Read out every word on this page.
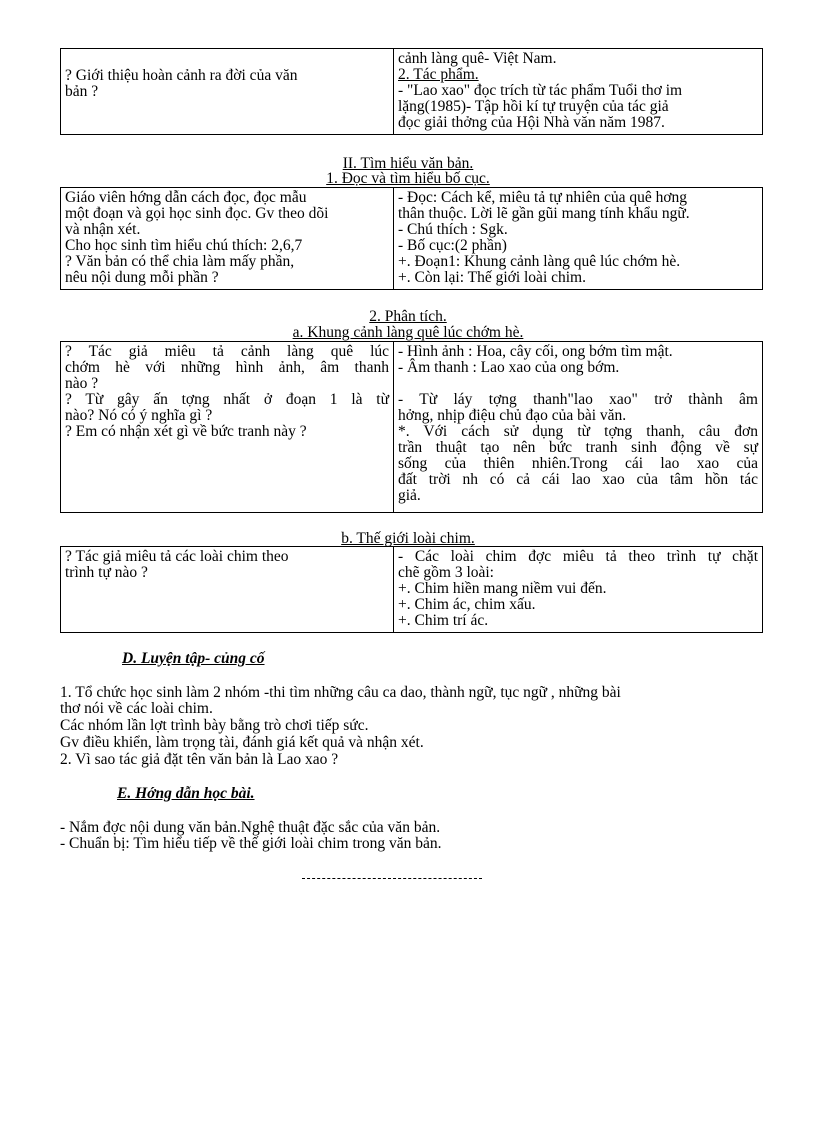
? Giới thiệu hoàn cảnh ra đời của văn
bản ?
cảnh làng quê- Việt Nam.
2. Tác phẩm.
- "Lao xao" đọc trích từ tác phẩm Tuổi thơ im
lặng(1985)- Tập hồi kí tự truyện của tác giả
đọc giải thởng của Hội Nhà văn năm 1987.
II. Tìm hiểu văn bản.
1. Đọc và tìm hiểu bố cục.
Giáo viên hớng dẫn cách đọc, đọc mẫu
một đoạn và gọi học sinh đọc. Gv theo dõi
và nhận xét.
Cho học sinh tìm hiểu chú thích: 2,6,7
? Văn bản có thể chia làm mấy phần,
nêu nội dung mỗi phần ?
- Đọc: Cách kể, miêu tả tự nhiên của quê hơng
thân thuộc. Lời lẽ gần gũi mang tính khẩu ngữ.
- Chú thích : Sgk.
- Bố cục:(2 phần)
+. Đoạn1: Khung cảnh làng quê lúc chớm hè.
+. Còn lại: Thế giới loài chim.
2. Phân tích.
a. Khung cảnh làng quê lúc chớm hè.
? Tác giả miêu tả cảnh làng quê lúc
chớm hè với những hình ảnh, âm thanh
nào ?
? Từ gây ấn tợng nhất ở đoạn 1 là từ
nào? Nó có ý nghĩa gì ?
? Em có nhận xét gì về bức tranh này ?
- Hình ảnh : Hoa, cây cối, ong bớm tìm mật.
- Âm thanh : Lao xao của ong bớm.

- Từ láy tợng thanh"lao xao" trở thành âm
hởng, nhịp điệu chủ đạo của bài văn.
*. Với cách sử dụng từ tợng thanh, câu đơn
trần thuật tạo nên bức tranh sinh động về sự
sống của thiên nhiên.Trong cái lao xao của
đất trời nh có cả cái lao xao của tâm hồn tác
giả.
b. Thế giới loài chim.
? Tác giả miêu tả các loài chim theo
trình tự nào ?
- Các loài chim đợc miêu tả theo trình tự chặt
chẽ gồm 3 loài:
+. Chim hiền mang niềm vui đến.
+. Chim ác, chim xấu.
+. Chim trí ác.
D. Luyện tập- củng cố
1. Tổ chức học sinh làm 2 nhóm -thi tìm những câu ca dao, thành ngữ, tục ngữ , những bài
thơ nói về các loài chim.
Các nhóm lần lợt trình bày bằng trò chơi tiếp sức.
Gv điều khiển, làm trọng tài, đánh giá kết quả và nhận xét.
2. Vì sao tác giả đặt tên văn bản là Lao xao ?
E. Hớng dẫn học bài.
- Nắm đợc nội dung văn bản.Nghệ thuật đặc sắc của văn bản.
- Chuẩn bị: Tìm hiểu tiếp về thế giới loài chim trong văn bản.
